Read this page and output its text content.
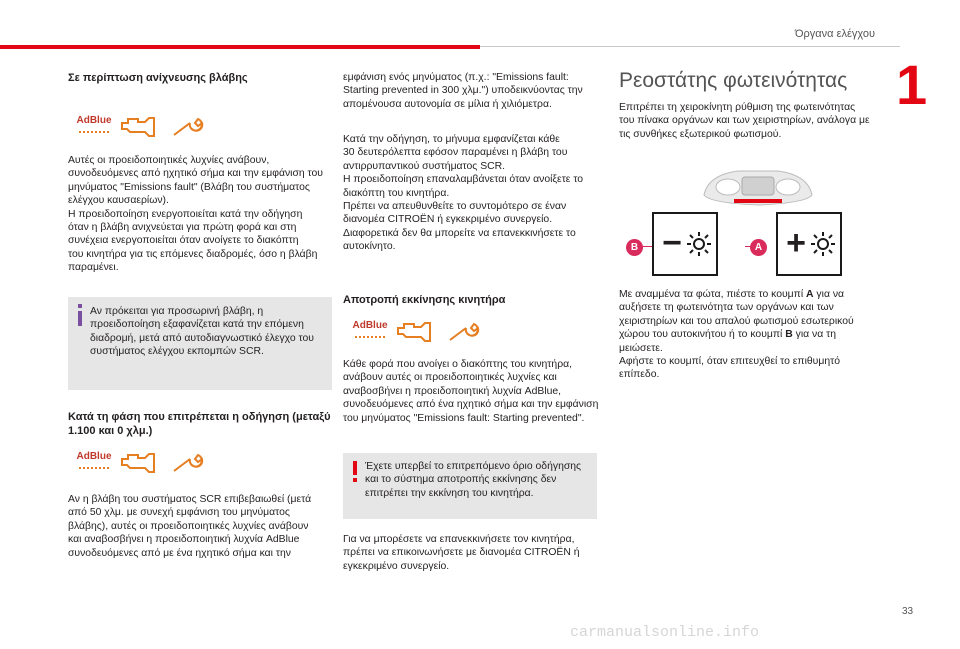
Όργανα ελέγχου
1
33
carmanualsonline.info
Σε περίπτωση ανίχνευσης βλάβης
AdBlue

Αυτές οι προειδοποιητικές λυχνίες ανάβουν,
συνοδευόμενες από ηχητικό σήμα και την εμφάνιση του
μηνύματος "Emissions fault" (Βλάβη του συστήματος
ελέγχου καυσαερίων).
Η προειδοποίηση ενεργοποιείται κατά την οδήγηση
όταν η βλάβη ανιχνεύεται για πρώτη φορά και στη
συνέχεια ενεργοποιείται όταν ανοίγετε το διακόπτη
του κινητήρα για τις επόμενες διαδρομές, όσο η βλάβη
παραμένει.

Αν πρόκειται για προσωρινή βλάβη, η
προειδοποίηση εξαφανίζεται κατά την επόμενη
διαδρομή, μετά από αυτοδιαγνωστικό έλεγχο του
συστήματος ελέγχου εκπομπών SCR.

Κατά τη φάση που επιτρέπεται η οδήγηση (μεταξύ 1.100 και 0 χλμ.)
AdBlue

Αν η βλάβη του συστήματος SCR επιβεβαιωθεί (μετά
από 50 χλμ. με συνεχή εμφάνιση του μηνύματος
βλάβης), αυτές οι προειδοποιητικές λυχνίες ανάβουν
και αναβοσβήνει η προειδοποιητική λυχνία AdBlue
συνοδευόμενες από με ένα ηχητικό σήμα και την

εμφάνιση ενός μηνύματος (π.χ.: "Emissions fault:
Starting prevented in 300 χλμ.") υποδεικνύοντας την
απομένουσα αυτονομία σε μίλια ή χιλιόμετρα.

Κατά την οδήγηση, το μήνυμα εμφανίζεται κάθε
30 δευτερόλεπτα εφόσον παραμένει η βλάβη του
αντιρρυπαντικού συστήματος SCR.
Η προειδοποίηση επαναλαμβάνεται όταν ανοίξετε το
διακόπτη του κινητήρα.
Πρέπει να απευθυνθείτε το συντομότερο σε έναν
διανομέα CITROËN ή εγκεκριμένο συνεργείο.
Διαφορετικά δεν θα μπορείτε να επανεκκινήσετε το
αυτοκίνητο.

Αποτροπή εκκίνησης κινητήρα
AdBlue

Κάθε φορά που ανοίγει ο διακόπτης του κινητήρα,
ανάβουν αυτές οι προειδοποιητικές λυχνίες και
αναβοσβήνει η προειδοποιητική λυχνία AdBlue,
συνοδευόμενες από ένα ηχητικό σήμα και την εμφάνιση
του μηνύματος "Emissions fault: Starting prevented".

Έχετε υπερβεί το επιτρεπόμενο όριο οδήγησης
και το σύστημα αποτροπής εκκίνησης δεν
επιτρέπει την εκκίνηση του κινητήρα.

Για να μπορέσετε να επανεκκινήσετε τον κινητήρα,
πρέπει να επικοινωνήσετε με διανομέα CITROËN ή
εγκεκριμένο συνεργείο.

Ρεοστάτης φωτεινότητας

Επιτρέπει τη χειροκίνητη ρύθμιση της φωτεινότητας
του πίνακα οργάνων και των χειριστηρίων, ανάλογα με
τις συνθήκες εξωτερικού φωτισμού.

B	A
−	+

Με αναμμένα τα φώτα, πιέστε το κουμπί A για να
αυξήσετε τη φωτεινότητα των οργάνων και των
χειριστηρίων και του απαλού φωτισμού εσωτερικού
χώρου του αυτοκινήτου ή το κουμπί B για να τη
μειώσετε.
Αφήστε το κουμπί, όταν επιτευχθεί το επιθυμητό
επίπεδο.
